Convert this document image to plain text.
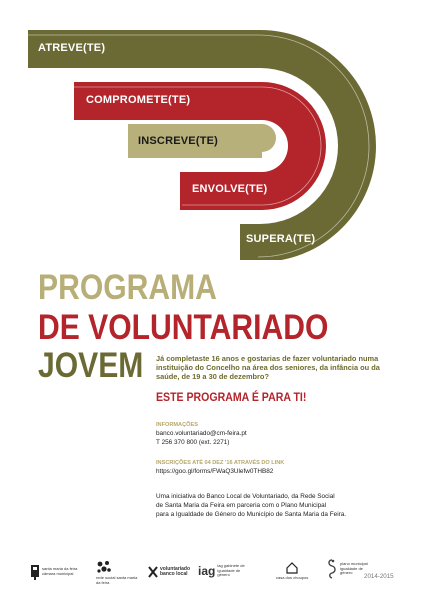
ATREVE(TE)
COMPROMETE(TE)
INSCREVE(TE)
ENVOLVE(TE)
SUPERA(TE)
PROGRAMA
DE VOLUNTARIADO
JOVEM Já completaste 16 anos e gostarias de fazer voluntariado numa instituição do Concelho na área dos seniores, da infância ou da saúde, de 19 a 30 de dezembro?
ESTE PROGRAMA É PARA TI!
INFORMAÇÕES
banco.voluntariado@cm-feira.pt
T 256 370 800 (ext. 2271)
INSCRIÇÕES ATÉ 04 DEZ '16 ATRAVÉS DO LINK
https://goo.gl/forms/FWaQ3Ulefw0THB82
Uma iniciativa do Banco Local de Voluntariado, da Rede Social
de Santa Maria da Feira em parceria com o Plano Municipal
para a Igualdade de Género do Município de Santa Maria da Feira.
santa maria da feira câmara municipal
rede social santa maria da feira
voluntariado banco local iag iag gabinete de igualdade de género
casa dos choupos
plano municipal igualdade de género
2014-2015
